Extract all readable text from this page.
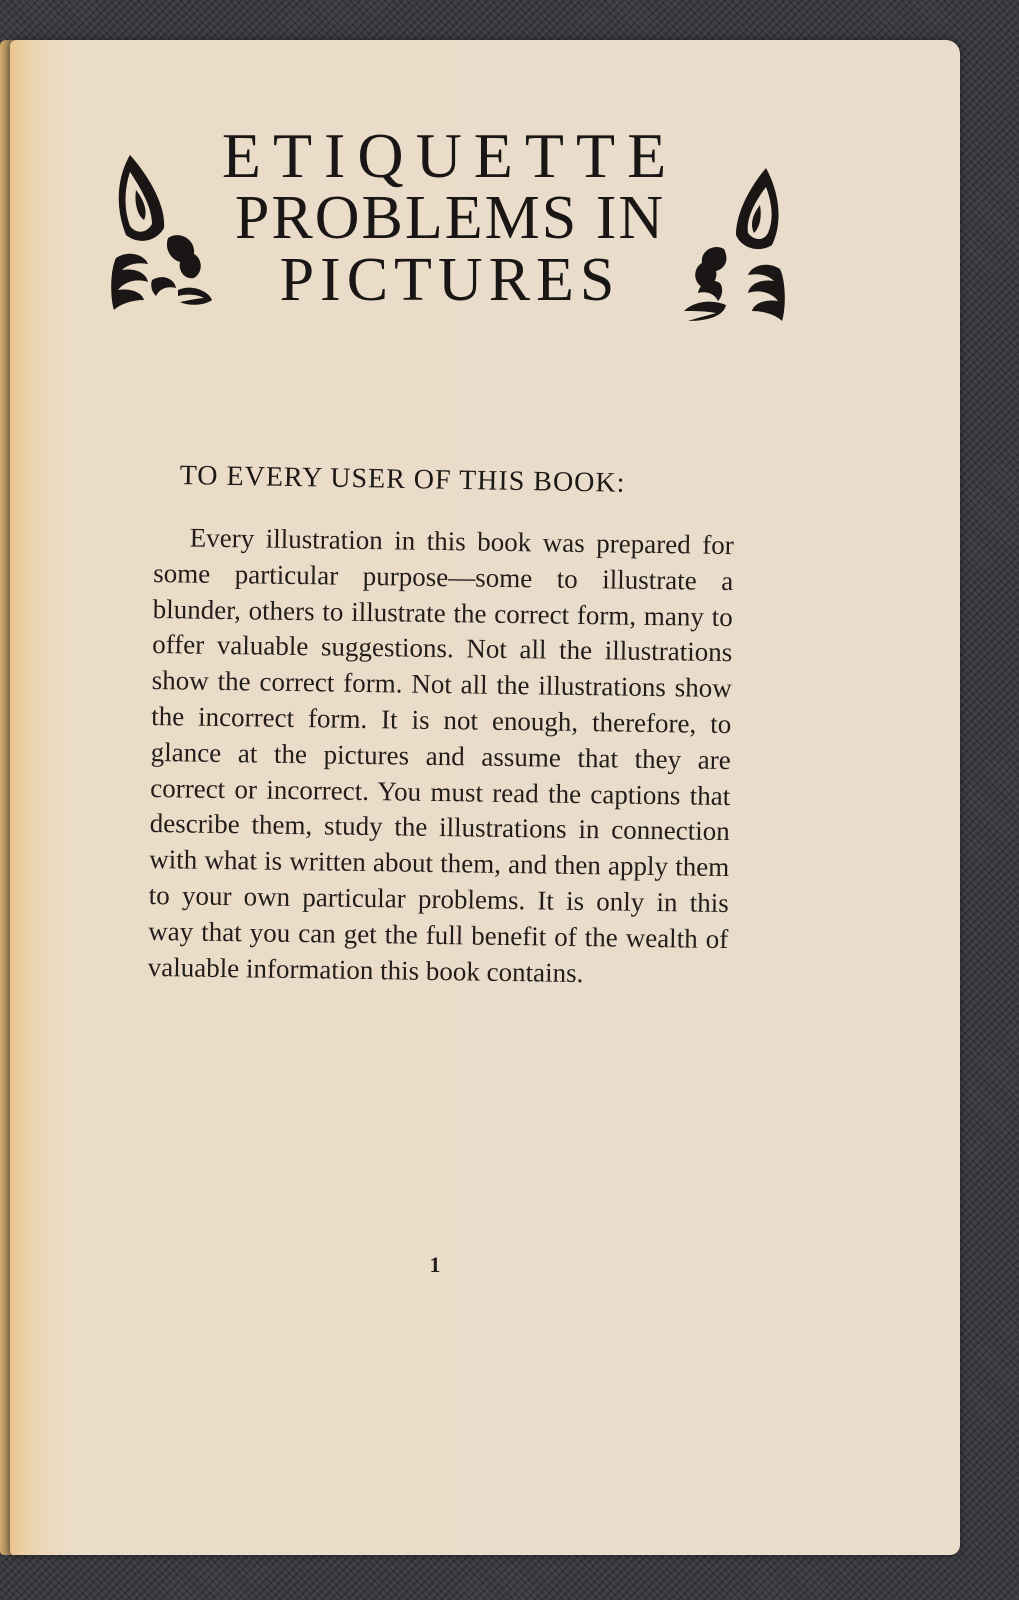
ETIQUETTE
PROBLEMS IN
PICTURES
TO EVERY USER OF THIS BOOK:

Every illustration in this book was prepared for some particular purpose—some to illustrate a blunder, others to illustrate the correct form, many to offer valuable suggestions. Not all the illustrations show the correct form. Not all the illustrations show the incorrect form. It is not enough, therefore, to glance at the pictures and assume that they are correct or incorrect. You must read the captions that describe them, study the illustrations in connection with what is written about them, and then apply them to your own particular problems. It is only in this way that you can get the full benefit of the wealth of valuable information this book contains.

1
